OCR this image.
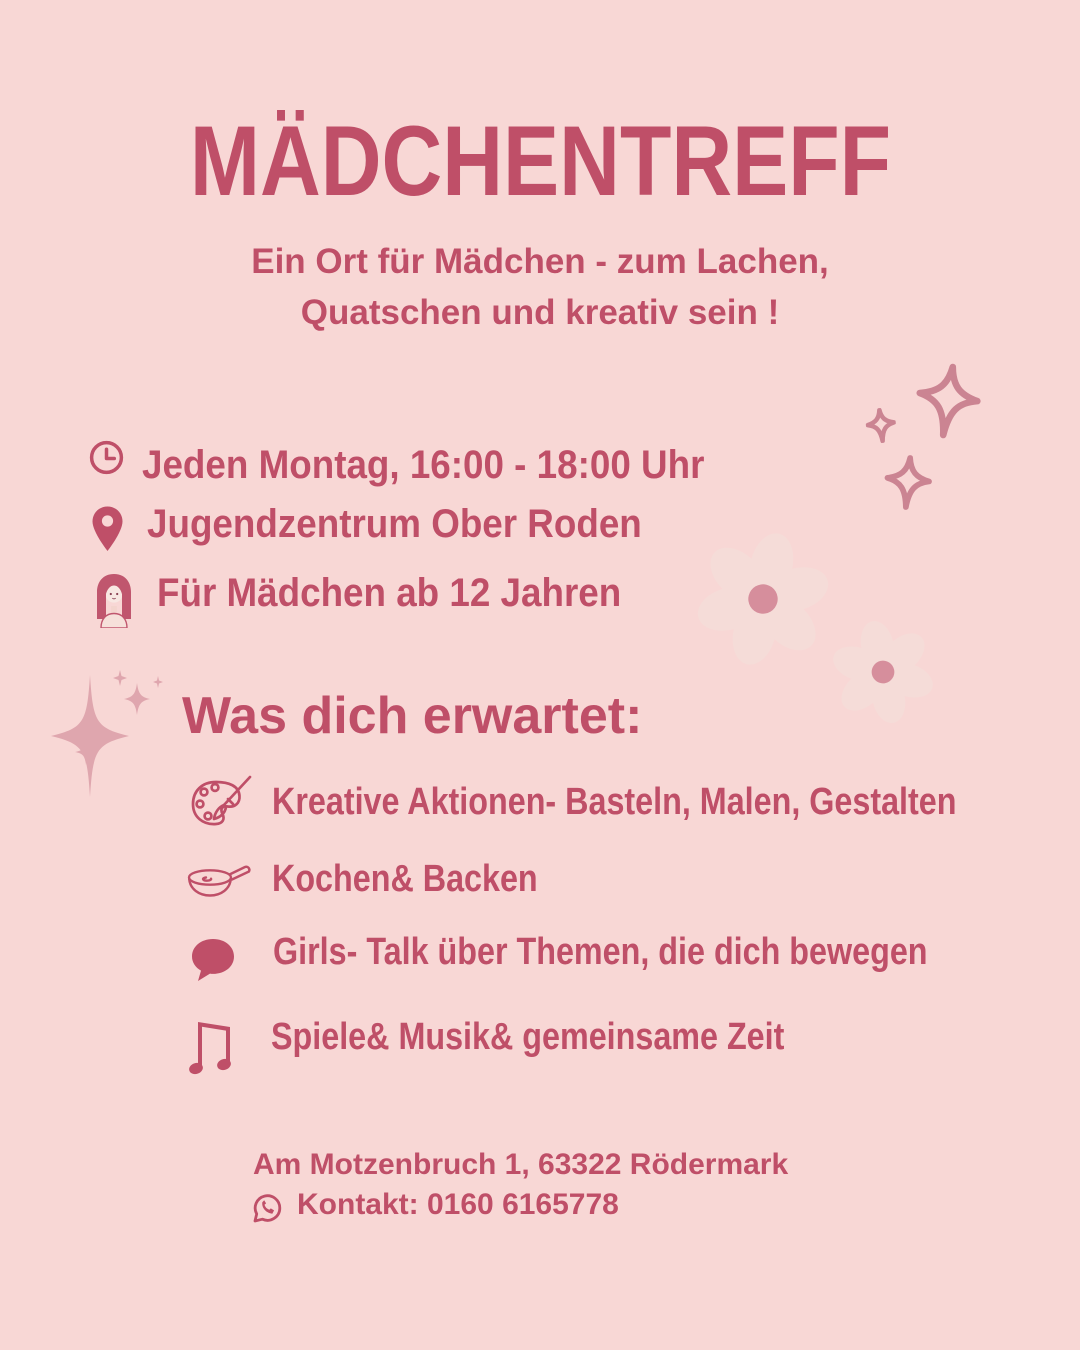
MÄDCHENTREFF
Ein Ort für Mädchen - zum Lachen,
Quatschen und kreativ sein !
Jeden Montag, 16:00 - 18:00 Uhr
Jugendzentrum Ober Roden
Für Mädchen ab 12 Jahren
Was dich erwartet:
Kreative Aktionen- Basteln, Malen, Gestalten
Kochen& Backen
Girls- Talk über Themen, die dich bewegen
Spiele& Musik& gemeinsame Zeit
Am Motzenbruch 1, 63322 Rödermark
Kontakt: 0160 6165778
